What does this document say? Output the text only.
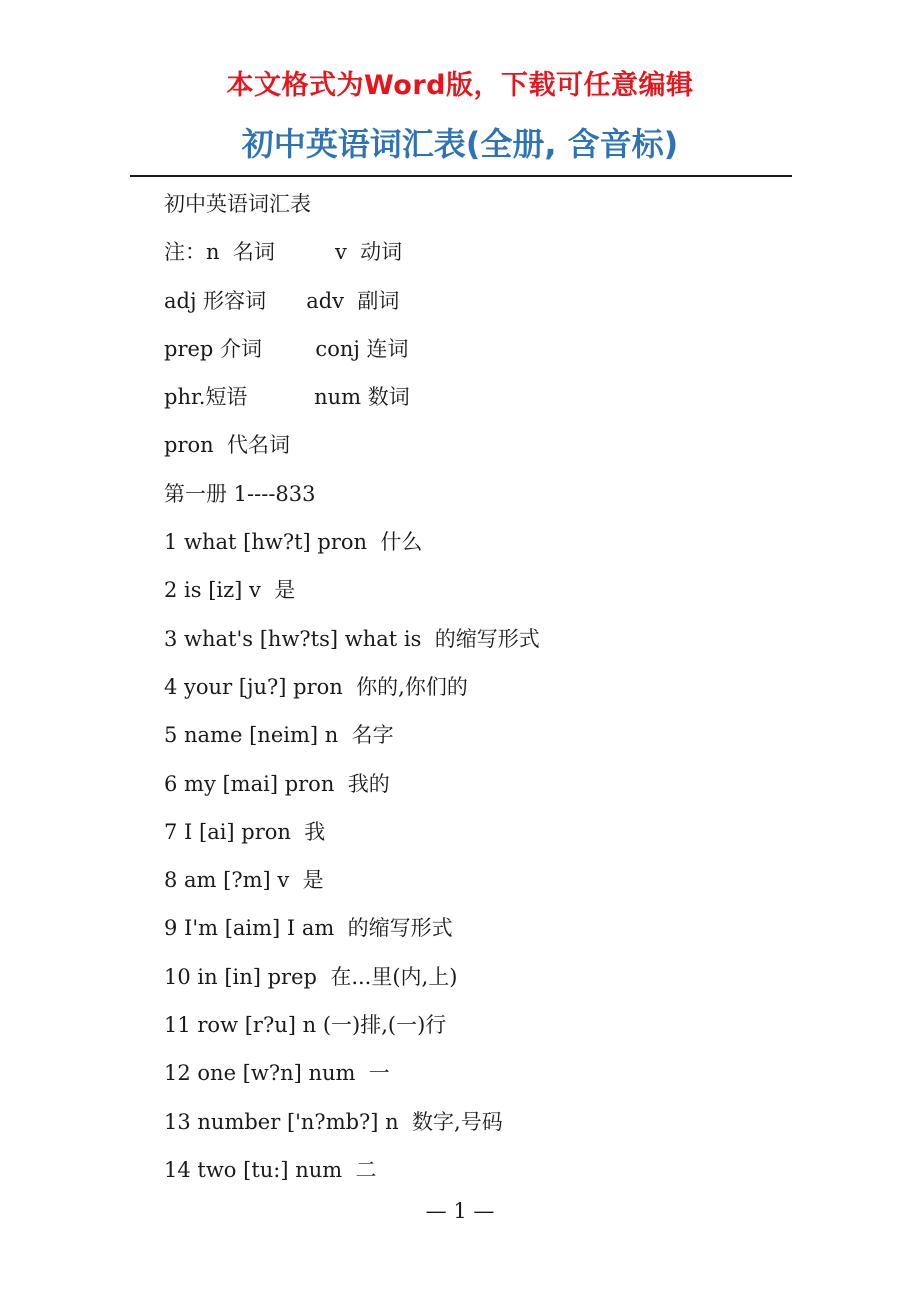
本文格式为Word版，下载可任意编辑
初中英语词汇表(全册, 含音标)
初中英语词汇表
注：n  名词         v  动词
adj 形容词      adv  副词
prep 介词        conj 连词
phr.短语          num 数词
pron  代名词
第一册 1----833
1 what [hw?t] pron  什么
2 is [iz] v  是
3 what's [hw?ts] what is  的缩写形式
4 your [ju?] pron  你的,你们的
5 name [neim] n  名字
6 my [mai] pron  我的
7 I [ai] pron  我
8 am [?m] v  是
9 I'm [aim] I am  的缩写形式
10 in [in] prep  在...里(内,上)
11 row [r?u] n (一)排,(一)行
12 one [w?n] num  一
13 number ['n?mb?] n  数字,号码
14 two [tu:] num  二
— 1 —
